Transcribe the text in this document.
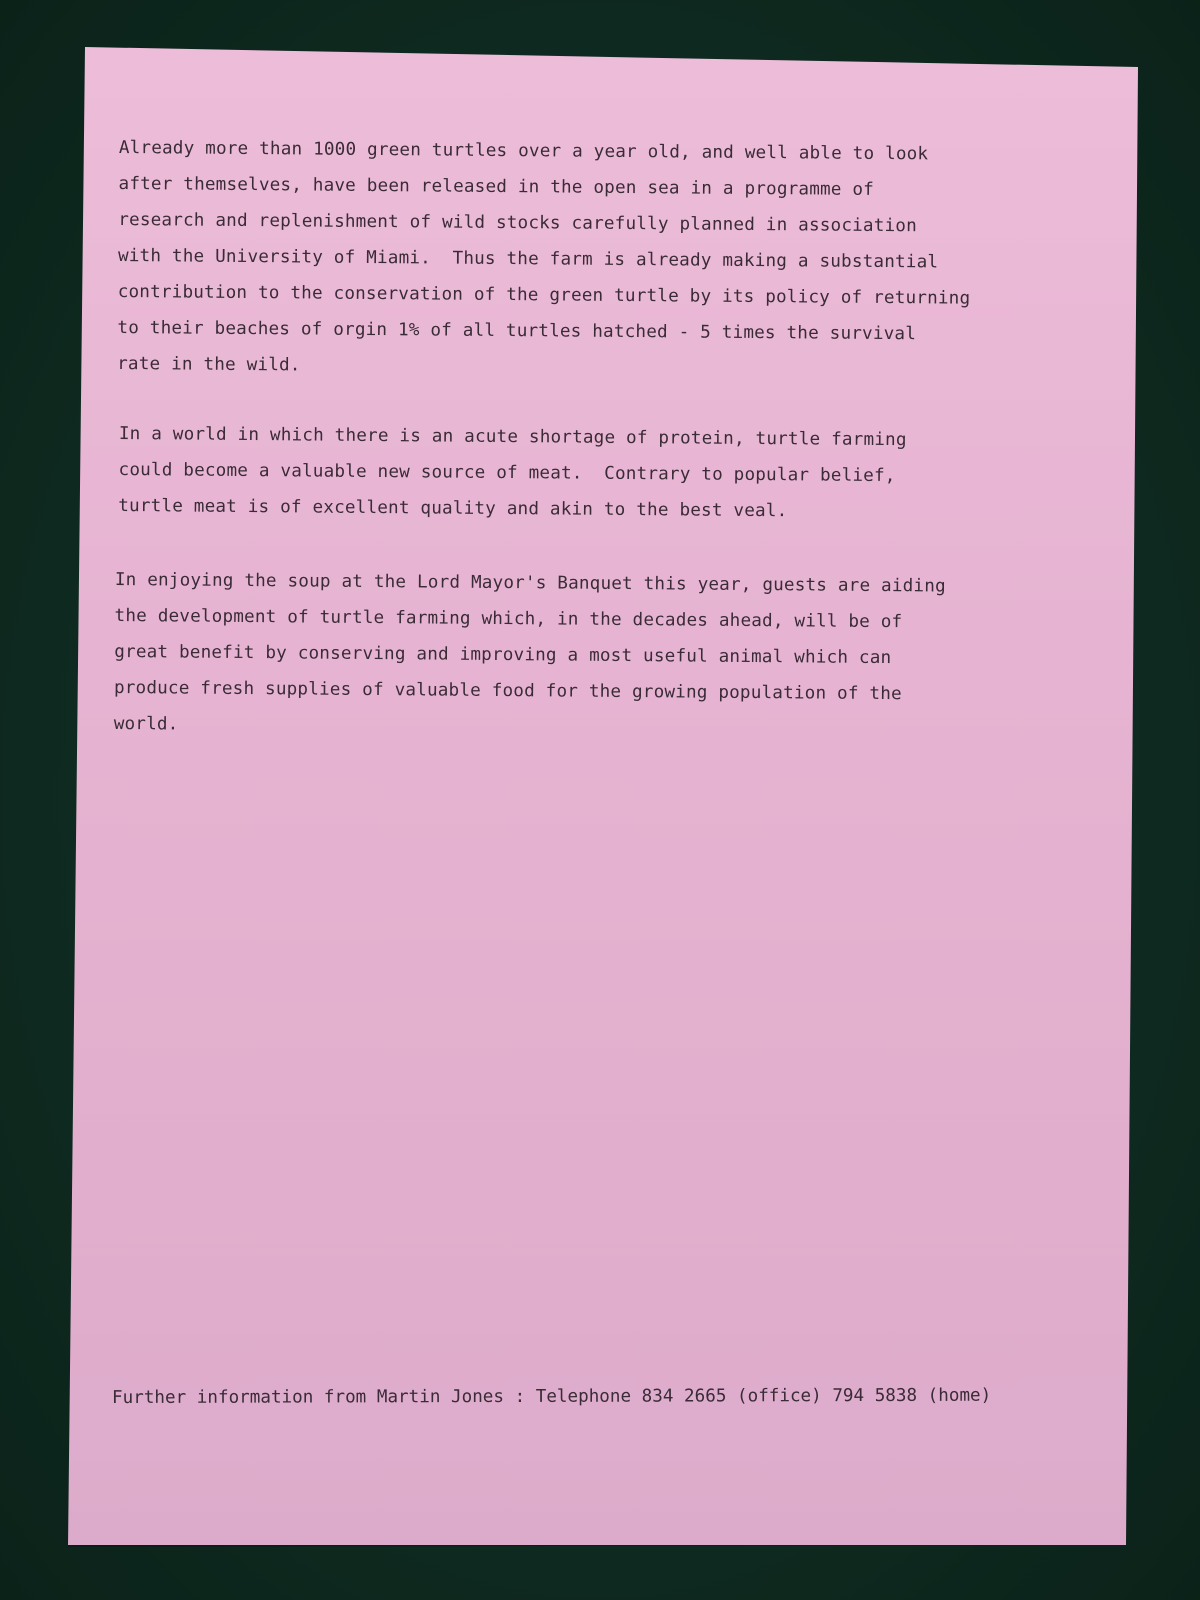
Already more than 1000 green turtles over a year old, and well able to look

after themselves, have been released in the open sea in a programme of

research and replenishment of wild stocks carefully planned in association

with the University of Miami.  Thus the farm is already making a substantial

contribution to the conservation of the green turtle by its policy of returning

to their beaches of orgin 1% of all turtles hatched - 5 times the survival

rate in the wild.

In a world in which there is an acute shortage of protein, turtle farming

could become a valuable new source of meat.  Contrary to popular belief,

turtle meat is of excellent quality and akin to the best veal.

In enjoying the soup at the Lord Mayor's Banquet this year, guests are aiding

the development of turtle farming which, in the decades ahead, will be of

great benefit by conserving and improving a most useful animal which can

produce fresh supplies of valuable food for the growing population of the

world.

Further information from Martin Jones : Telephone 834 2665 (office) 794 5838 (home)
